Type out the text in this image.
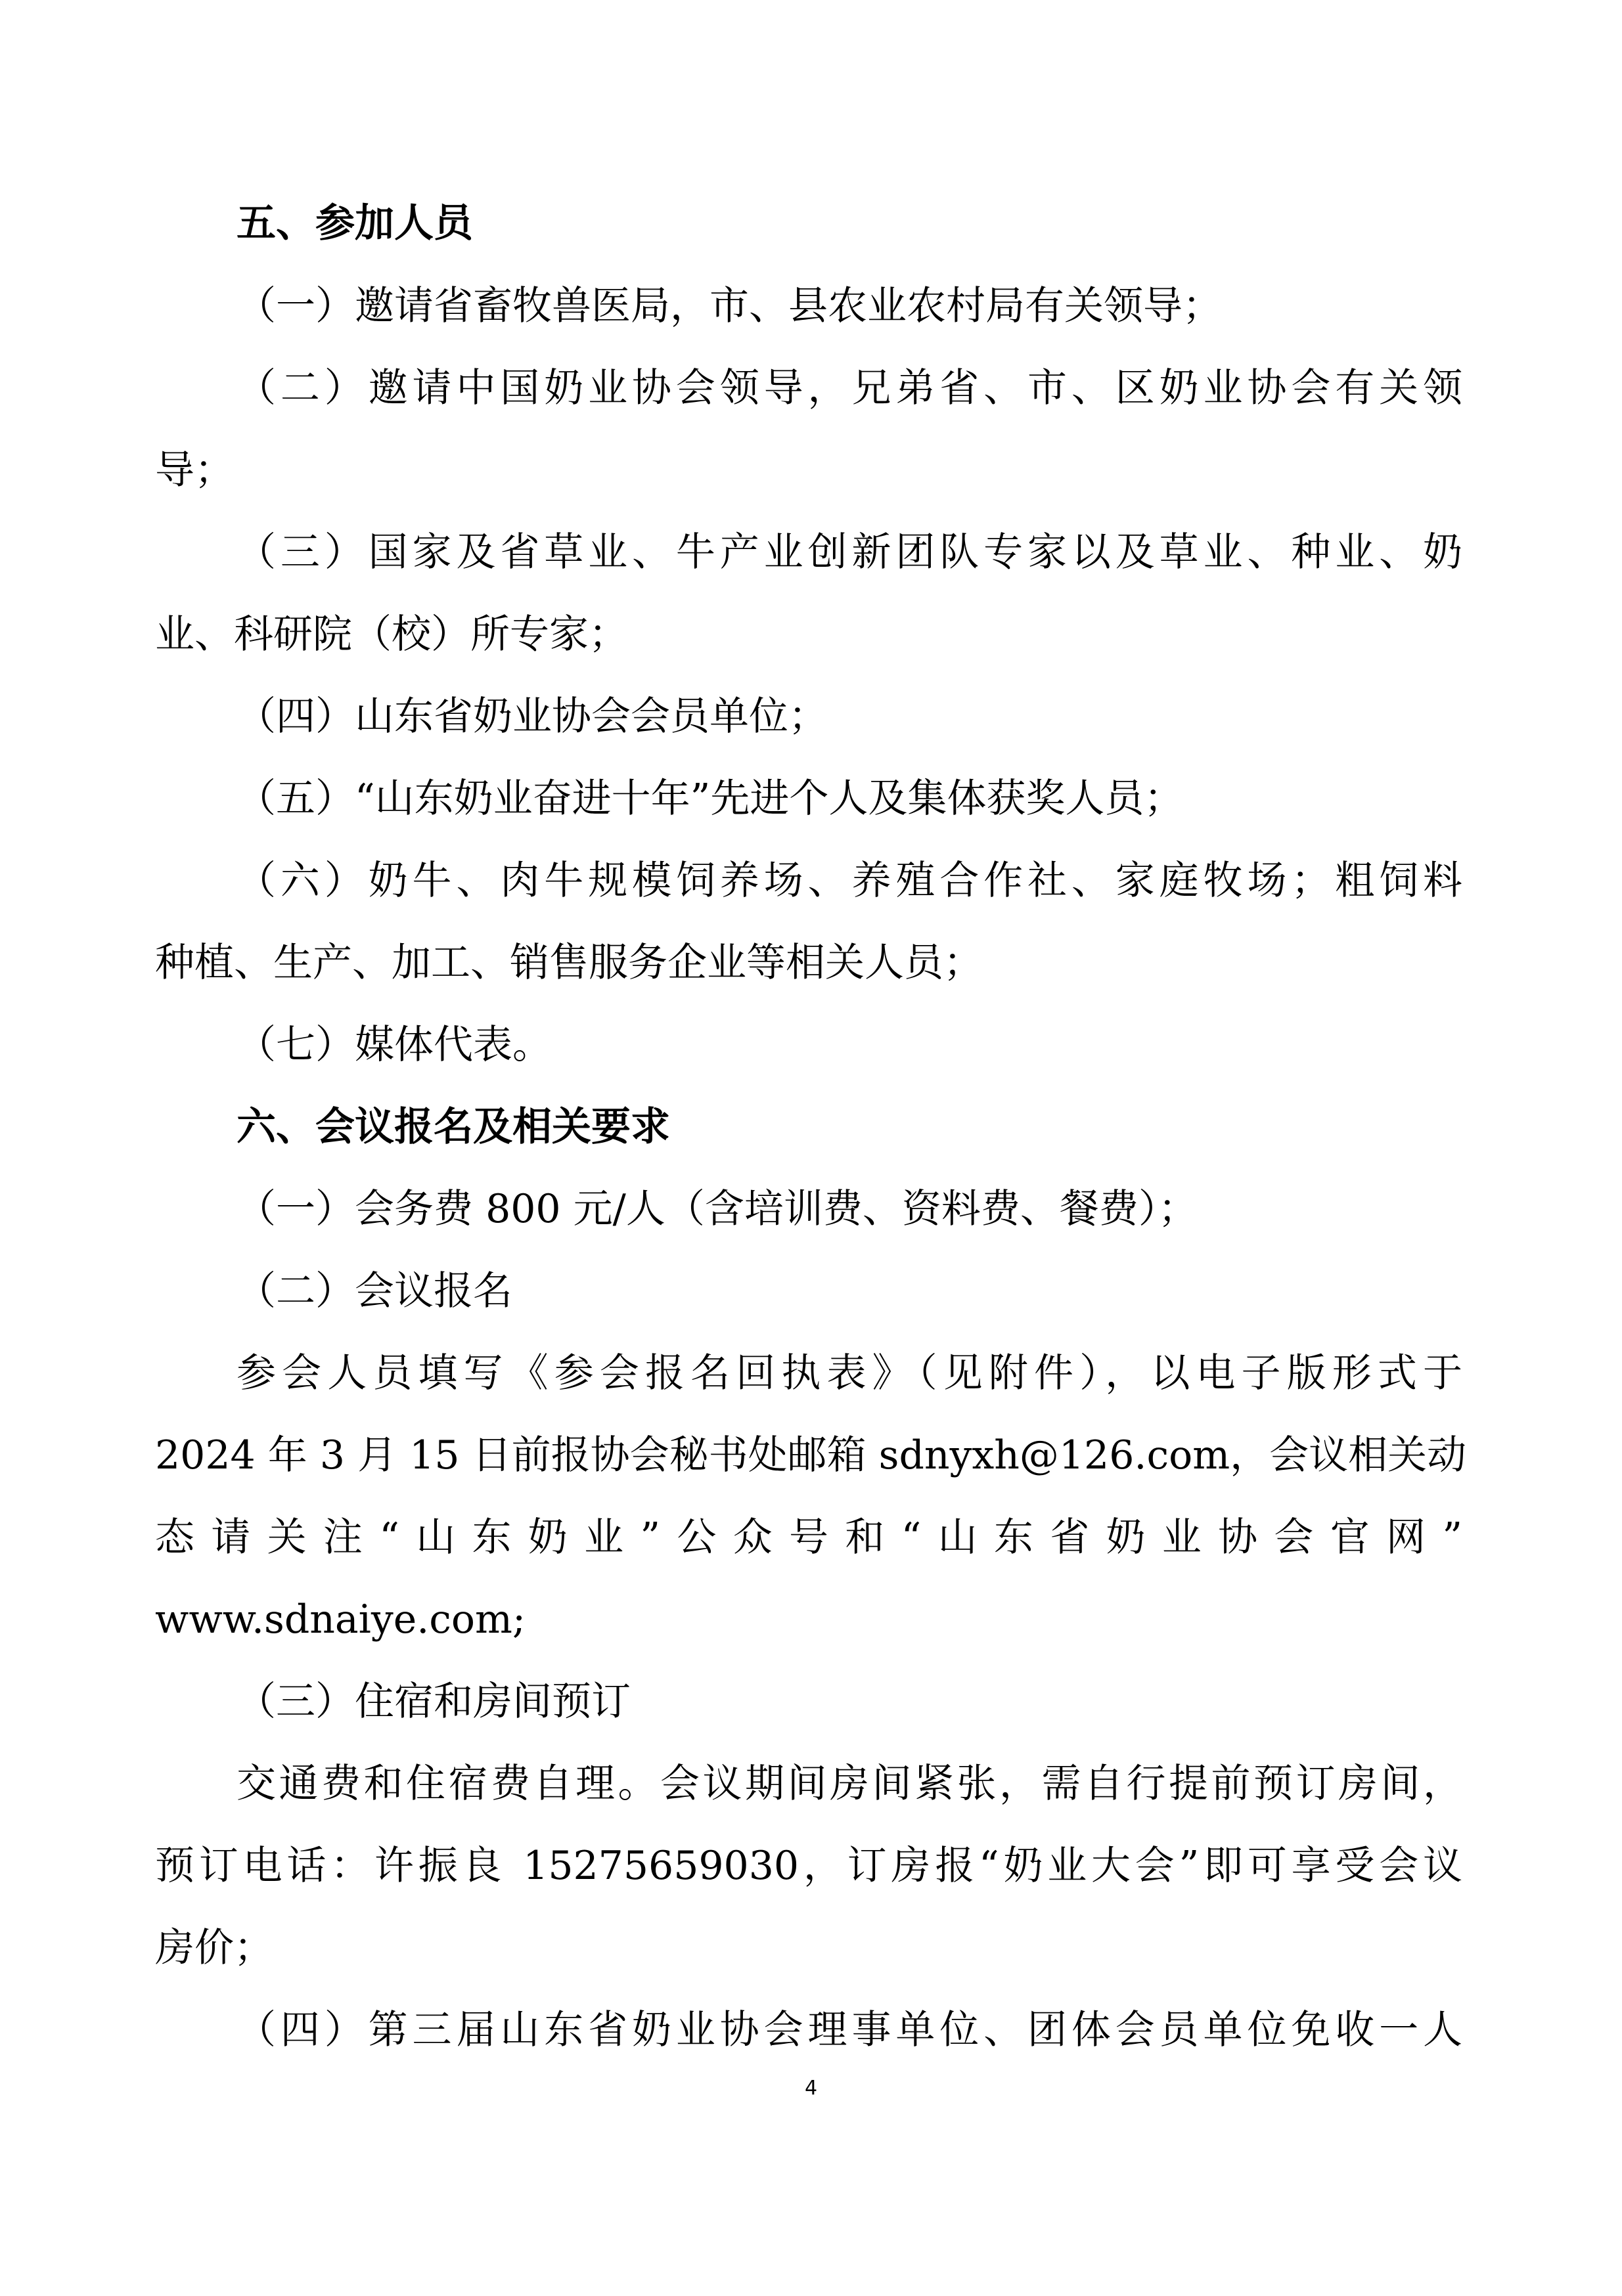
五、参加人员

（一）邀请省畜牧兽医局，市、县农业农村局有关领导；

（二）邀请中国奶业协会领导，兄弟省、市、区奶业协会有关领

导；

（三）国家及省草业、牛产业创新团队专家以及草业、种业、奶

业、科研院（校）所专家；

（四）山东省奶业协会会员单位；

（五）“山东奶业奋进十年”先进个人及集体获奖人员；

（六）奶牛、肉牛规模饲养场、养殖合作社、家庭牧场；粗饲料

种植、生产、加工、销售服务企业等相关人员；

（七）媒体代表。

六、会议报名及相关要求

（一）会务费 800 元/人（含培训费、资料费、餐费）；

（二）会议报名

参会人员填写《参会报名回执表》（见附件），以电子版形式于

2024 年 3 月 15 日前报协会秘书处邮箱 sdnyxh@126.com，会议相关动

态请关注“山东奶业”公众号和“山东省奶业协会官网”

www.sdnaiye.com;

（三）住宿和房间预订

交通费和住宿费自理。会议期间房间紧张，需自行提前预订房间，

预订电话：许振良 15275659030，订房报“奶业大会”即可享受会议

房价；

（四）第三届山东省奶业协会理事单位、团体会员单位免收一人

4
